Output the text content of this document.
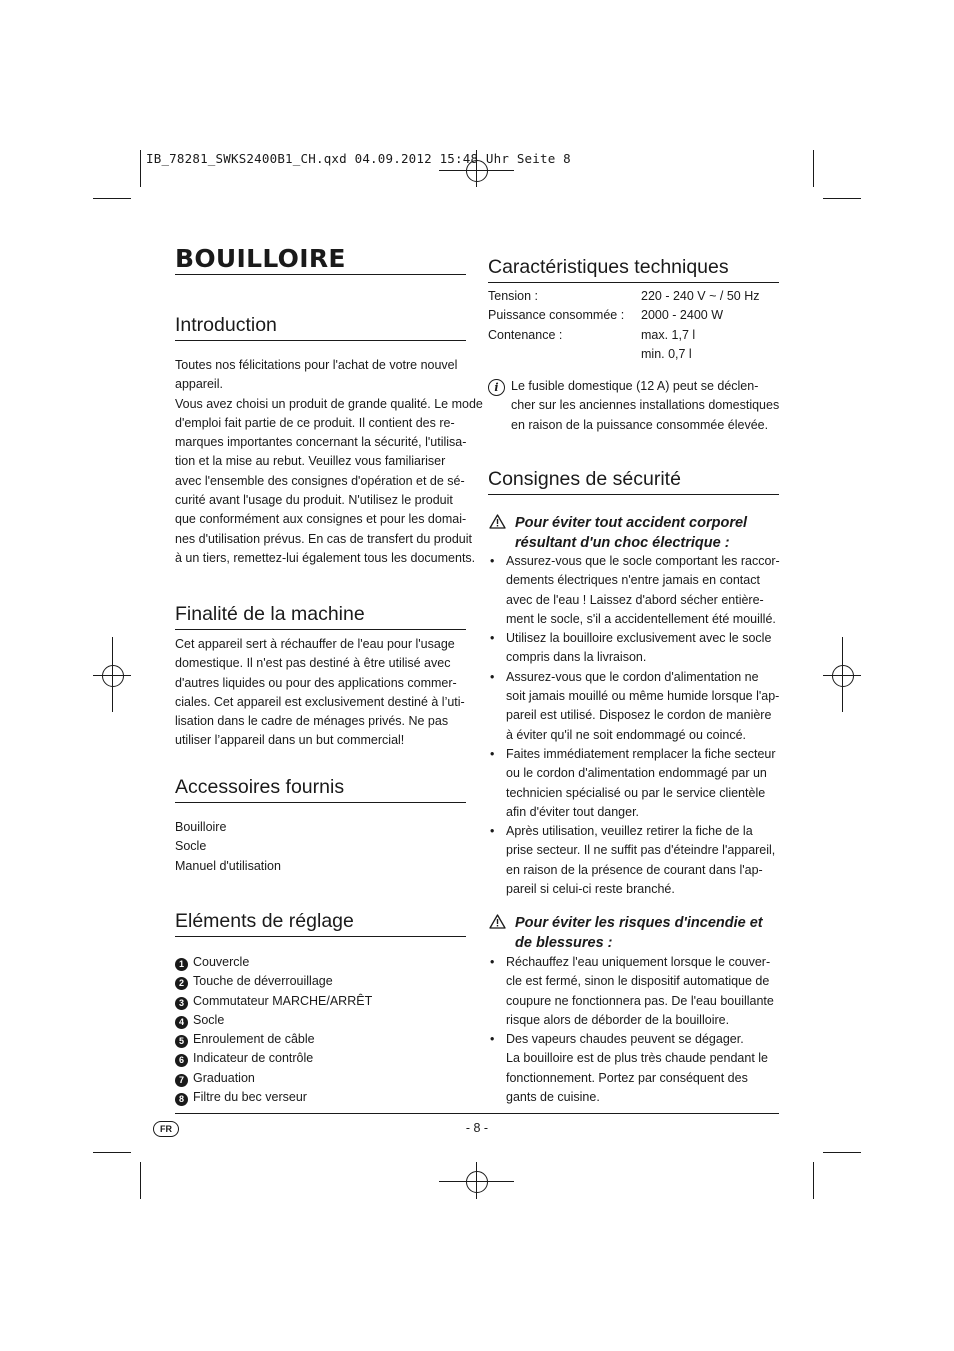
IB_78281_SWKS2400B1_CH.qxd 04.09.2012 15:48 Uhr Seite 8
BOUILLOIRE
Introduction
Toutes nos félicitations pour l'achat de votre nouvel
appareil.
Vous avez choisi un produit de grande qualité. Le mode
d'emploi fait partie de ce produit. Il contient des re-
marques importantes concernant la sécurité, l'utilisa-
tion et la mise au rebut. Veuillez vous familiariser
avec l'ensemble des consignes d'opération et de sé-
curité avant l'usage du produit. N'utilisez le produit
que conformément aux consignes et pour les domai-
nes d'utilisation prévus. En cas de transfert du produit
à un tiers, remettez-lui également tous les documents.
Finalité de la machine
Cet appareil sert à réchauffer de l'eau pour l'usage
domestique. Il n'est pas destiné à être utilisé avec
d'autres liquides ou pour des applications commer-
ciales. Cet appareil est exclusivement destiné à l’uti-
lisation dans le cadre de ménages privés. Ne pas
utiliser l’appareil dans un but commercial!
Accessoires fournis
Bouilloire
Socle
Manuel d'utilisation
Eléments de réglage
1 Couvercle
2 Touche de déverrouillage
3 Commutateur MARCHE/ARRÊT
4 Socle
5 Enroulement de câble
6 Indicateur de contrôle
7 Graduation
8 Filtre du bec verseur
Caractéristiques techniques
Tension :	220 - 240 V ~ / 50 Hz
Puissance consommée :	2000 - 2400 W
Contenance :	max. 1,7 l
	min. 0,7 l
i Le fusible domestique (12 A) peut se déclen-
cher sur les anciennes installations domestiques
en raison de la puissance consommée élevée.
Consignes de sécurité
Pour éviter tout accident corporel
résultant d'un choc électrique :
• Assurez-vous que le socle comportant les raccor-
dements électriques n'entre jamais en contact
avec de l'eau ! Laissez d'abord sécher entière-
ment le socle, s'il a accidentellement été mouillé.
• Utilisez la bouilloire exclusivement avec le socle
compris dans la livraison.
• Assurez-vous que le cordon d'alimentation ne
soit jamais mouillé ou même humide lorsque l'ap-
pareil est utilisé. Disposez le cordon de manière
à éviter qu'il ne soit endommagé ou coincé.
• Faites immédiatement remplacer la fiche secteur
ou le cordon d'alimentation endommagé par un
technicien spécialisé ou par le service clientèle
afin d'éviter tout danger.
• Après utilisation, veuillez retirer la fiche de la
prise secteur. Il ne suffit pas d'éteindre l'appareil,
en raison de la présence de courant dans l'ap-
pareil si celui-ci reste branché.
Pour éviter les risques d'incendie et
de blessures :
• Réchauffez l'eau uniquement lorsque le couver-
cle est fermé, sinon le dispositif automatique de
coupure ne fonctionnera pas. De l'eau bouillante
risque alors de déborder de la bouilloire.
• Des vapeurs chaudes peuvent se dégager.
La bouilloire est de plus très chaude pendant le
fonctionnement. Portez par conséquent des
gants de cuisine.
FR	- 8 -
